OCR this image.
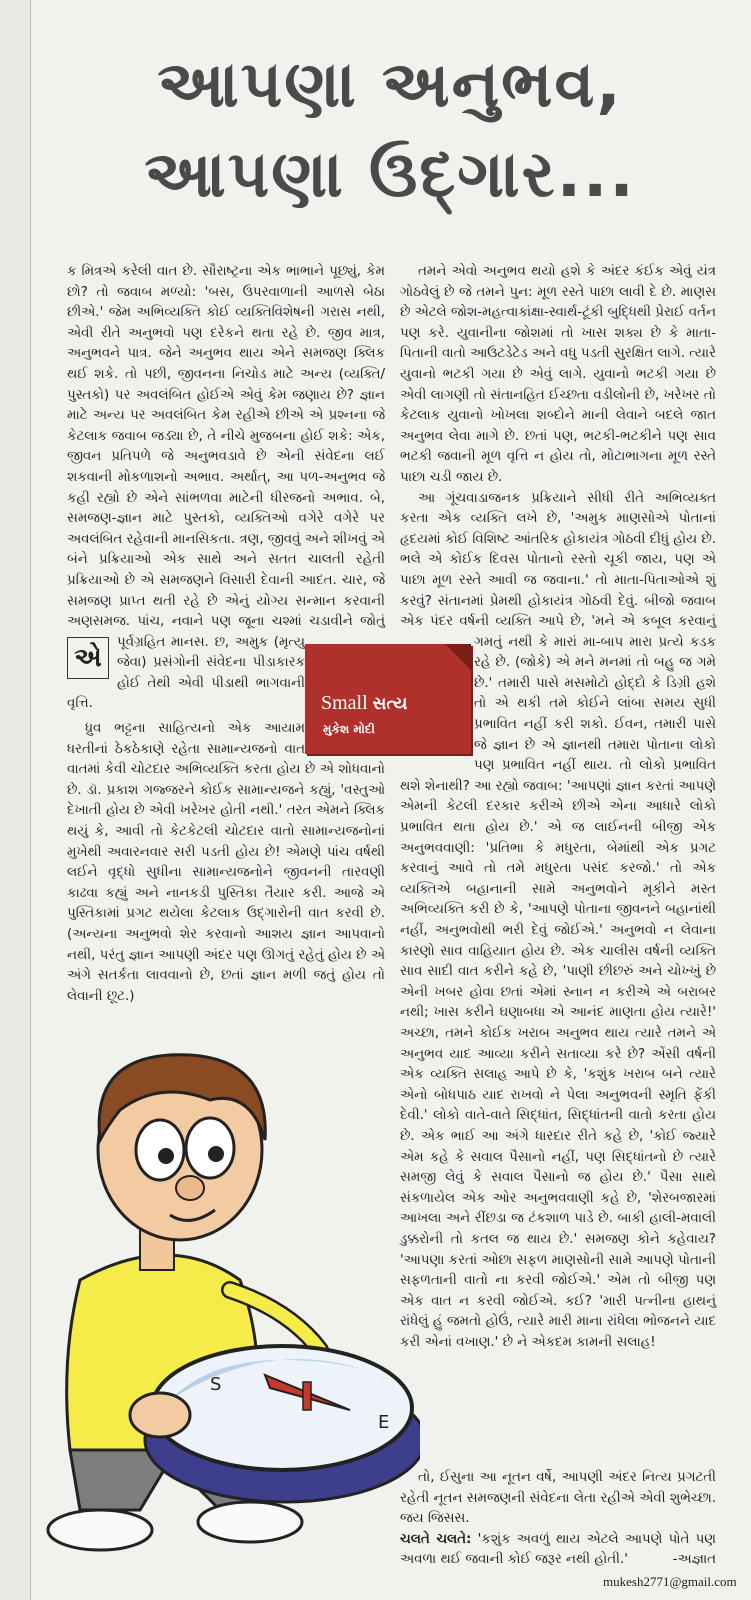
આપણા અનુભવ,
આપણા ઉદ્ગાર...

એ
ક મિત્રએ કરેલી વાત છે. સૌરાષ્ટ્રના એક ભાભાને પૂછ્યું, કેમ છો? તો જવાબ મળ્યો: 'બસ, ઉપરવાળાની આળસે બેઠા છીએ.' જેમ અભિવ્યક્તિ કોઈ વ્યક્તિવિશેષની ગરાસ નથી, એવી રીતે અનુભવો પણ દરેકને થતા રહે છે. જીવ માત્ર, અનુભવને પાત્ર. જેને અનુભવ થાય એને સમજણ ક્લિક થઈ શકે. તો પછી, જીવનના નિચોડ માટે અન્ય (વ્યક્તિ/પુસ્તકો) પર અવલંબિત હોઈએ એવું કેમ જણાય છે? જ્ઞાન માટે અન્ય પર અવલંબિત કેમ રહીએ છીએ એ પ્રશ્નના જે કેટલાક જવાબ જડ્યા છે, તે નીચે મુજબના હોઈ શકે: એક, જીવન પ્રતિપળે જે અનુભવડાવે છે એની સંવેદના લઈ શકવાની મોકળાશનો અભાવ. અર્થાત્, આ પળ-અનુભવ જે કહી રહ્યો છે એને સાંભળવા માટેની ધીરજનો અભાવ. બે, સમજણ-જ્ઞાન માટે પુસ્તકો, વ્યક્તિઓ વગેરે વગેરે પર અવલંબિત રહેવાની માનસિકતા. ત્રણ, જીવવું અને શીખવું એ બંને પ્રક્રિયાઓ એક સાથે અને સતત ચાલતી રહેતી પ્રક્રિયાઓ છે એ સમજણને વિસારી દેવાની આદત. ચાર, જે સમજણ પ્રાપ્ત થતી રહે છે એનું યોગ્ય સન્માન કરવાની અણસમજ. પાંચ, નવાને પણ જૂના ચશ્માં ચડાવીને જોતું પૂર્વગ્રહિત માનસ. છ, અમુક (મૃત્યુ જેવા) પ્રસંગોની સંવેદના પીડાકારક હોઈ તેથી એવી પીડાથી ભાગવાની વૃત્તિ.

ધ્રુવ ભટ્ટના સાહિત્યનો એક આયામ ધરતીનાં ઠેકઠેકાણે રહેતા સામાન્યજનો વાત વાતમાં કેવી ચોટદાર અભિવ્યક્તિ કરતા હોય છે એ શોધવાનો છે. ડૉ. પ્રકાશ ગજ્જરને કોઈક સામાન્યજને કહ્યું, 'વસ્તુઓ દેખાતી હોય છે એવી ખરેખર હોતી નથી.' તરત એમને ક્લિક થયું કે, આવી તો કેટકેટલી ચોટદાર વાતો સામાન્યજનોનાં મુખેથી અવારનવાર સરી પડતી હોય છે! એમણે પાંચ વર્ષથી લઈને વૃદ્ધો સુધીના સામાન્યજનોને જીવનની તારવણી કાઢવા કહ્યું અને નાનકડી પુસ્તિકા તૈયાર કરી. આજે એ પુસ્તિકામાં પ્રગટ થયેલા કેટલાક ઉદ્ગારોની વાત કરવી છે. (અન્યના અનુભવો શેર કરવાનો આશય જ્ઞાન આપવાનો નથી, પરંતુ જ્ઞાન આપણી અંદર પણ ઊગતું રહેતું હોય છે એ અંગે સતર્કતા લાવવાનો છે, છતાં જ્ઞાન મળી જતું હોય તો લેવાની છૂટ.)

તમને એવો અનુભવ થયો હશે કે અંદર કંઈક એવું યંત્ર ગોઠવેલું છે જે તમને પુન: મૂળ રસ્તે પાછા લાવી દે છે. માણસ છે એટલે જોશ-મહત્વાકાંક્ષા-સ્વાર્થ-ટૂંકી બુદ્ધિથી પ્રેરાઈ વર્તન પણ કરે. યુવાનીના જોશમાં તો ખાસ શક્ય છે કે માતા-પિતાની વાતો આઉટડેટેડ અને વધુ પડતી સુરક્ષિત લાગે. ત્યારે યુવાનો ભટકી ગયા છે એવું લાગે. યુવાનો ભટકી ગયા છે એવી લાગણી તો સંતાનહિત ઈચ્છતા વડીલોની છે, ખરેખર તો કેટલાક યુવાનો ખોખલા શબ્દોને માની લેવાને બદલે જાત અનુભવ લેવા માગે છે. છતાં પણ, ભટકી-ભટકીને પણ સાવ ભટકી જવાની મૂળ વૃત્તિ ન હોય તો, મોટાભાગના મૂળ રસ્તે પાછા ચડી જાય છે.

આ ગૂંચવાડાજનક પ્રક્રિયાને સીધી રીતે અભિવ્યક્ત કરતા એક વ્યક્તિ લખે છે, 'અમુક માણસોએ પોતાનાં હૃદયમાં કોઈ વિશિષ્ટ આંતરિક હોકાયંત્ર ગોઠવી દીધું હોય છે. ભલે એ કોઈક દિવસ પોતાનો રસ્તો ચૂકી જાય, પણ એ પાછા મૂળ રસ્તે આવી જ જવાના.' તો માતા-પિતાઓએ શું કરવું? સંતાનમાં પ્રેમથી હોકાયંત્ર ગોઠવી દેવું. બીજો જવાબ એક પંદર વર્ષની વ્યક્તિ આપે છે, 'મને એ કબૂલ કરવાનું ગમતું નથી કે મારાં મા-બાપ મારા પ્રત્યે કડક રહે છે. (જોકે) એ મને મનમાં તો બહુ જ ગમે છે.' તમારી પાસે મસમોટો હોદ્દો કે ડિગ્રી હશે તો એ થકી તમે કોઈને લાંબા સમય સુધી પ્રભાવિત નહીં કરી શકો. ઈવન, તમારી પાસે જે જ્ઞાન છે એ જ્ઞાનથી તમારા પોતાના લોકો પણ પ્રભાવિત નહીં થાય. તો લોકો પ્રભાવિત થશે શેનાથી? આ રહ્યો જવાબ: 'આપણાં જ્ઞાન કરતાં આપણે એમની કેટલી દરકાર કરીએ છીએ એના આધારે લોકો પ્રભાવિત થતા હોય છે.' એ જ લાઈનની બીજી એક અનુભવવાણી: 'પ્રતિભા કે મધુરતા, બેમાંથી એક પ્રગટ કરવાનું આવે તો તમે મધુરતા પસંદ કરજો.' તો એક વ્યક્તિએ બહાનાની સામે અનુભવોને મૂકીને મસ્ત અભિવ્યક્તિ કરી છે કે, 'આપણે પોતાના જીવનને બહાનાંથી નહીં, અનુભવોથી ભરી દેવું જોઈએ.' અનુભવો ન લેવાના કારણો સાવ વાહિયાત હોય છે. એક ચાલીસ વર્ષની વ્યક્તિ સાવ સાદી વાત કરીને કહે છે, 'પાણી છીછરું અને ચોખ્ખું છે એની ખબર હોવા છતાં એમાં સ્નાન ન કરીએ એ બરાબર નથી; ખાસ કરીને ઘણાબધા એ આનંદ માણતા હોય ત્યારે!' અચ્છા, તમને કોઈક ખરાબ અનુભવ થાય ત્યારે તમને એ અનુભવ યાદ આવ્યા કરીને સતાવ્યા કરે છે? એંસી વર્ષની એક વ્યક્તિ સલાહ આપે છે કે, 'કશુંક ખરાબ બને ત્યારે એનો બોધપાઠ યાદ રાખવો ને પેલા અનુભવની સ્મૃતિ ફેંકી દેવી.' લોકો વાતે-વાતે સિદ્ધાંત, સિદ્ધાંતની વાતો કરતા હોય છે. એક ભાઈ આ અંગે ધારદાર રીતે કહે છે, 'કોઈ જ્યારે એમ કહે કે સવાલ પૈસાનો નહીં, પણ સિદ્ધાંતનો છે ત્યારે સમજી લેવું કે સવાલ પૈસાનો જ હોય છે.' પૈસા સાથે સંકળાયેલ એક ઓર અનુભવવાણી કહે છે, 'શેરબજારમાં આખલા અને રીંછડા જ ટંકશાળ પાડે છે. બાકી હાલી-મવાલી ડુક્કરોની તો કતલ જ થાય છે.' સમજણ કોને કહેવાય? 'આપણા કરતાં ઓછા સફળ માણસોની સામે આપણે પોતાની સફળતાની વાતો ના કરવી જોઈએ.' એમ તો બીજી પણ એક વાત ન કરવી જોઈએ. કઈ? 'મારી પત્નીના હાથનું રાંધેલું હું જમતો હોઉં, ત્યારે મારી માના રાંધેલા ભોજનને યાદ કરી એનાં વખાણ.' છે ને એકદમ કામની સલાહ!

Small સત્ય
મુકેશ મોદી
S
E

તો, ઈસુના આ નૂતન વર્ષે, આપણી અંદર નિત્ય પ્રગટતી રહેતી નૂતન સમજણની સંવેદના લેતા રહીએ એવી શુભેચ્છા. જય જિસસ.

ચલતે ચલતે: 'કશુંક અવળું થાય એટલે આપણે પોતે પણ અવળા થઈ જવાની કોઈ જરૂર નથી હોતી.'	-અજ્ઞાત

mukesh2771@gmail.com
